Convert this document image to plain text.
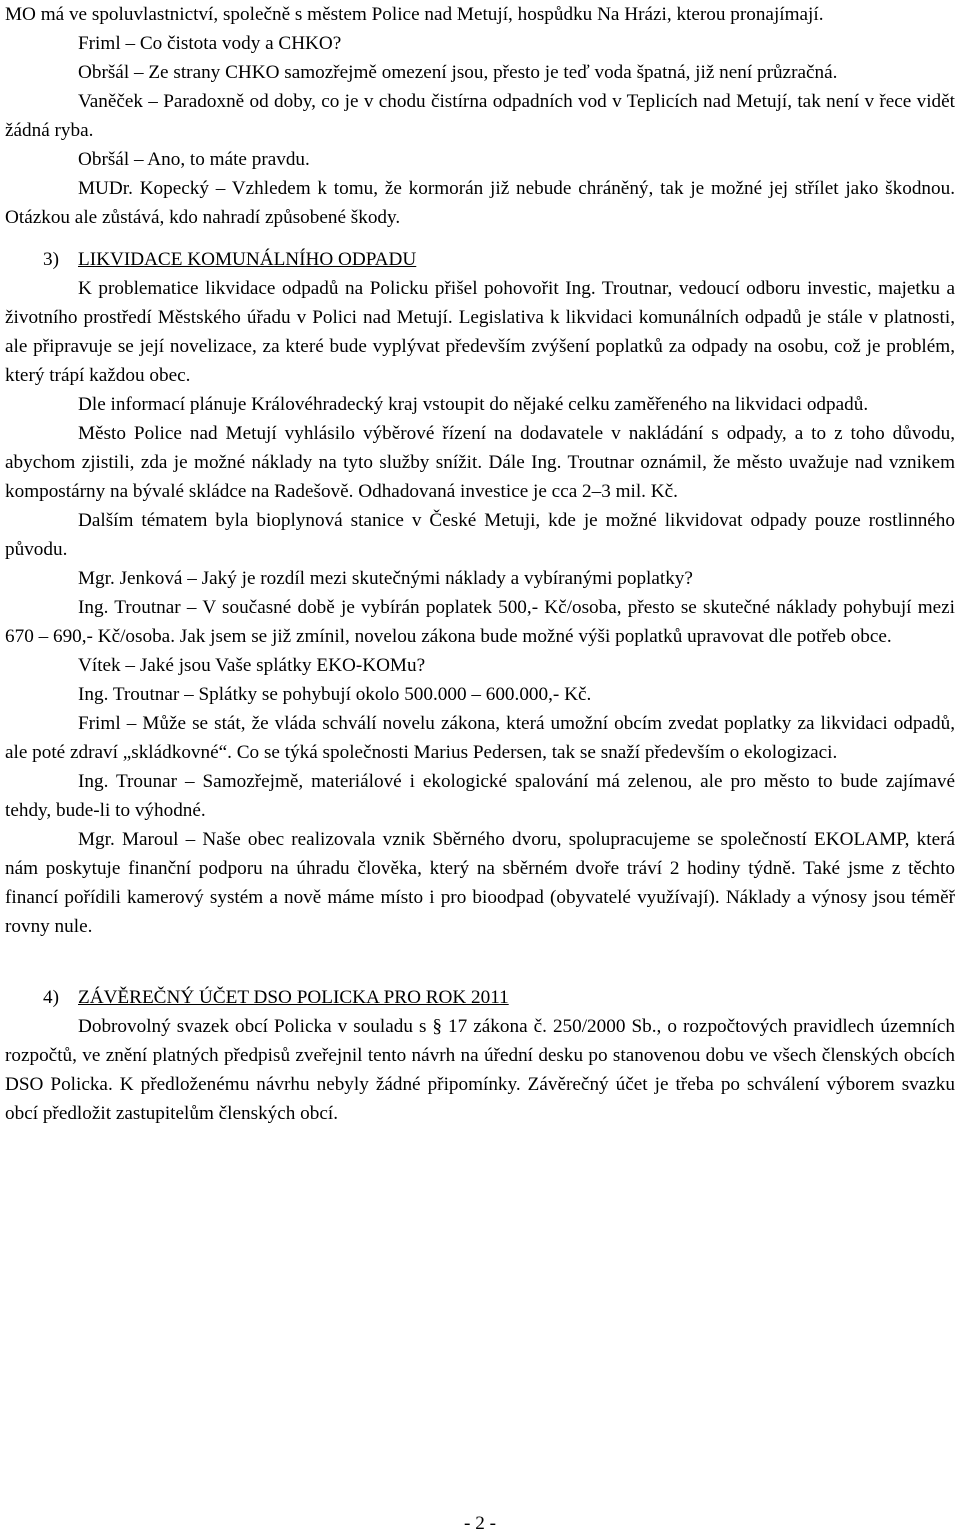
MO má ve spoluvlastnictví, společně s městem Police nad Metují, hospůdku Na Hrázi, kterou pronajímají.

Friml – Co čistota vody a CHKO?

Obršál – Ze strany CHKO samozřejmě omezení jsou, přesto je teď voda špatná, již není průzračná.

Vaněček – Paradoxně od doby, co je v chodu čistírna odpadních vod v Teplicích nad Metují, tak není v řece vidět žádná ryba.

Obršál – Ano, to máte pravdu.

MUDr. Kopecký – Vzhledem k tomu, že kormorán již nebude chráněný, tak je možné jej střílet jako škodnou. Otázkou ale zůstává, kdo nahradí způsobené škody.

3) LIKVIDACE KOMUNÁLNÍHO ODPADU

K problematice likvidace odpadů na Policku přišel pohovořit Ing. Troutnar, vedoucí odboru investic, majetku a životního prostředí Městského úřadu v Polici nad Metují. Legislativa k likvidaci komunálních odpadů je stále v platnosti, ale připravuje se její novelizace, za které bude vyplývat především zvýšení poplatků za odpady na osobu, což je problém, který trápí každou obec.

Dle informací plánuje Královéhradecký kraj vstoupit do nějaké celku zaměřeného na likvidaci odpadů.

Město Police nad Metují vyhlásilo výběrové řízení na dodavatele v nakládání s odpady, a to z toho důvodu, abychom zjistili, zda je možné náklady na tyto služby snížit. Dále Ing. Troutnar oznámil, že město uvažuje nad vznikem kompostárny na bývalé skládce na Radešově. Odhadovaná investice je cca 2–3 mil. Kč.

Dalším tématem byla bioplynová stanice v České Metuji, kde je možné likvidovat odpady pouze rostlinného původu.

Mgr. Jenková – Jaký je rozdíl mezi skutečnými náklady a vybíranými poplatky?

Ing. Troutnar – V současné době je vybírán poplatek 500,- Kč/osoba, přesto se skutečné náklady pohybují mezi 670 – 690,- Kč/osoba. Jak jsem se již zmínil, novelou zákona bude možné výši poplatků upravovat dle potřeb obce.

Vítek – Jaké jsou Vaše splátky EKO-KOMu?

Ing. Troutnar – Splátky se pohybují okolo 500.000 – 600.000,- Kč.

Friml – Může se stát, že vláda schválí novelu zákona, která umožní obcím zvedat poplatky za likvidaci odpadů, ale poté zdraví „skládkovné“. Co se týká společnosti Marius Pedersen, tak se snaží především o ekologizaci.

Ing. Trounar – Samozřejmě, materiálové i ekologické spalování má zelenou, ale pro město to bude zajímavé tehdy, bude-li to výhodné.

Mgr. Maroul – Naše obec realizovala vznik Sběrného dvoru, spolupracujeme se společností EKOLAMP, která nám poskytuje finanční podporu na úhradu člověka, který na sběrném dvoře tráví 2 hodiny týdně. Také jsme z těchto financí pořídili kamerový systém a nově máme místo i pro bioodpad (obyvatelé využívají). Náklady a výnosy jsou téměř rovny nule.

4) ZÁVĚREČNÝ ÚČET DSO POLICKA PRO ROK 2011

Dobrovolný svazek obcí Policka v souladu s § 17 zákona č. 250/2000 Sb., o rozpočtových pravidlech územních rozpočtů, ve znění platných předpisů zveřejnil tento návrh na úřední desku po stanovenou dobu ve všech členských obcích DSO Policka. K předloženému návrhu nebyly žádné připomínky. Závěrečný účet je třeba po schválení výborem svazku obcí předložit zastupitelům členských obcí.

- 2 -
